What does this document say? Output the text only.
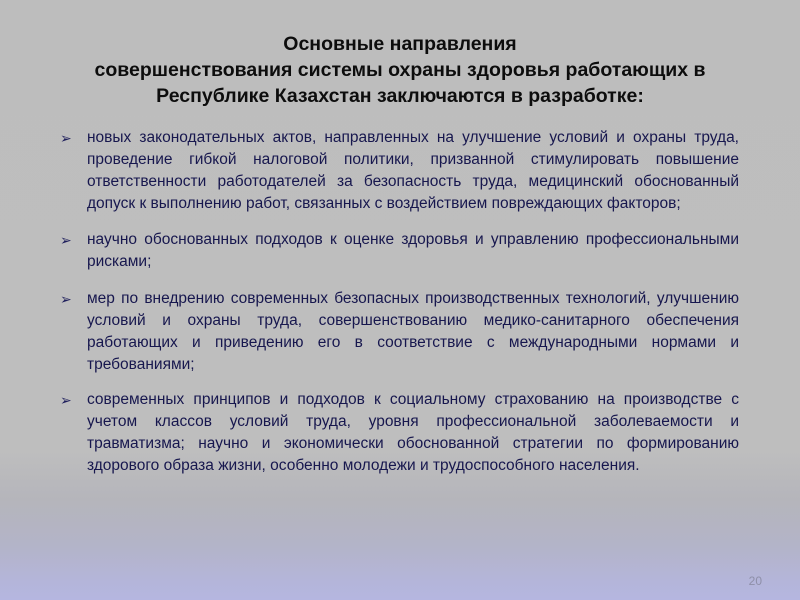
Основные направления
совершенствования системы охраны здоровья работающих в
Республике Казахстан заключаются в разработке:
➢ новых законодательных актов, направленных на улучшение условий и охраны труда, проведение гибкой налоговой политики, призванной стимулировать повышение ответственности работодателей за безопасность труда, медицинский обоснованный допуск к выполнению работ, связанных с воздействием повреждающих факторов;
➢ научно обоснованных подходов к оценке здоровья и управлению профессиональными рисками;
➢ мер по внедрению современных безопасных производственных технологий, улучшению условий и охраны труда, совершенствованию медико-санитарного обеспечения работающих и приведению его в соответствие с международными нормами и требованиями;
➢ современных принципов и подходов к социальному страхованию на производстве с учетом классов условий труда, уровня профессиональной заболеваемости и травматизма; научно и экономически обоснованной стратегии по формированию здорового образа жизни, особенно молодежи и трудоспособного населения.
20
